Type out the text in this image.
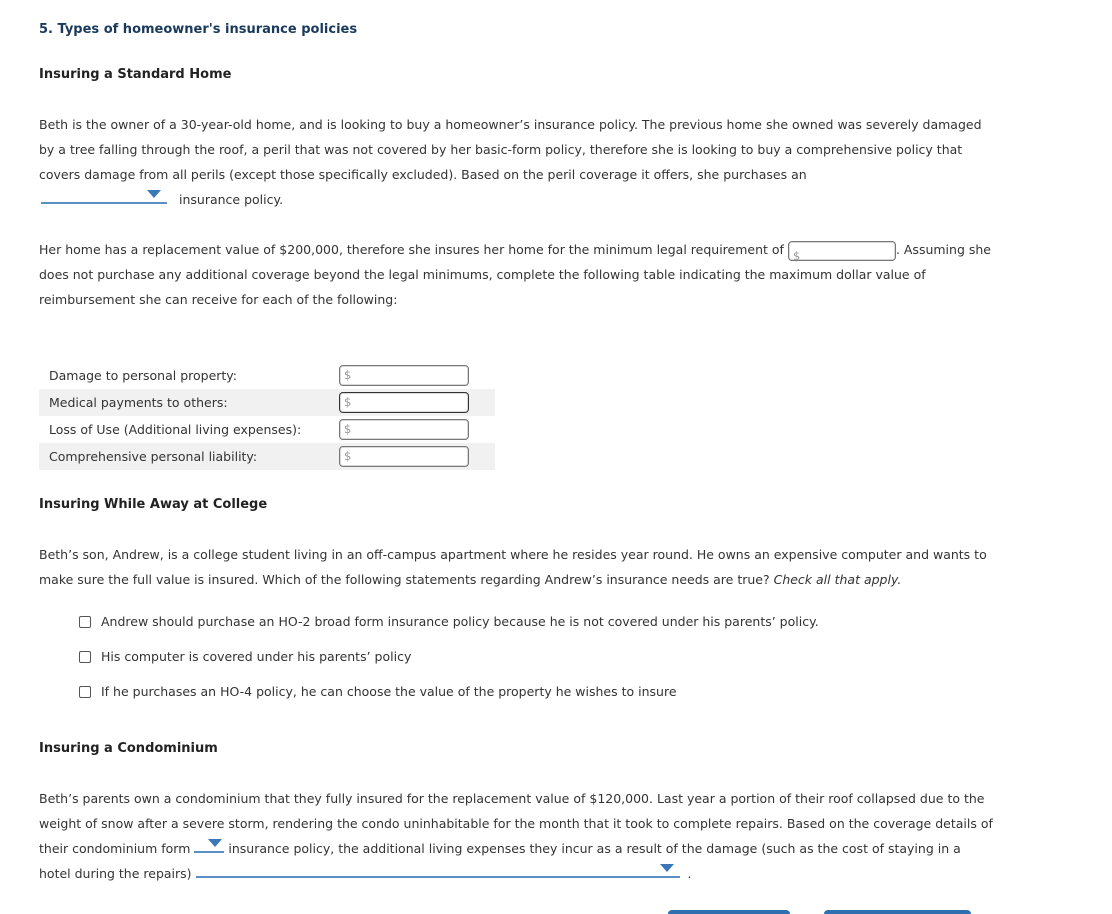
5. Types of homeowner's insurance policies
Insuring a Standard Home
Beth is the owner of a 30-year-old home, and is looking to buy a homeowner’s insurance policy. The previous home she owned was severely damaged by a tree falling through the roof, a peril that was not covered by her basic-form policy, therefore she is looking to buy a comprehensive policy that covers damage from all perils (except those specifically excluded). Based on the peril coverage it offers, she purchases an

insurance policy.
Her home has a replacement value of $200,000, therefore she insures her home for the minimum legal requirement of $	. Assuming she does not purchase any additional coverage beyond the legal minimums, complete the following table indicating the maximum dollar value of reimbursement she can receive for each of the following:
Damage to personal property:	$

Medical payments to others:	$

Loss of Use (Additional living expenses):	$

Comprehensive personal liability:	$
Insuring While Away at College
Beth’s son, Andrew, is a college student living in an off-campus apartment where he resides year round. He owns an expensive computer and wants to make sure the full value is insured. Which of the following statements regarding Andrew’s insurance needs are true? Check all that apply.
Andrew should purchase an HO-2 broad form insurance policy because he is not covered under his parents’ policy.
His computer is covered under his parents’ policy
If he purchases an HO-4 policy, he can choose the value of the property he wishes to insure
Insuring a Condominium
Beth’s parents own a condominium that they fully insured for the replacement value of $120,000. Last year a portion of their roof collapsed due to the weight of snow after a severe storm, rendering the condo uninhabitable for the month that it took to complete repairs. Based on the coverage details of their condominium form	insurance policy, the additional living expenses they incur as a result of the damage (such as the cost of staying in a hotel during the repairs)	.
